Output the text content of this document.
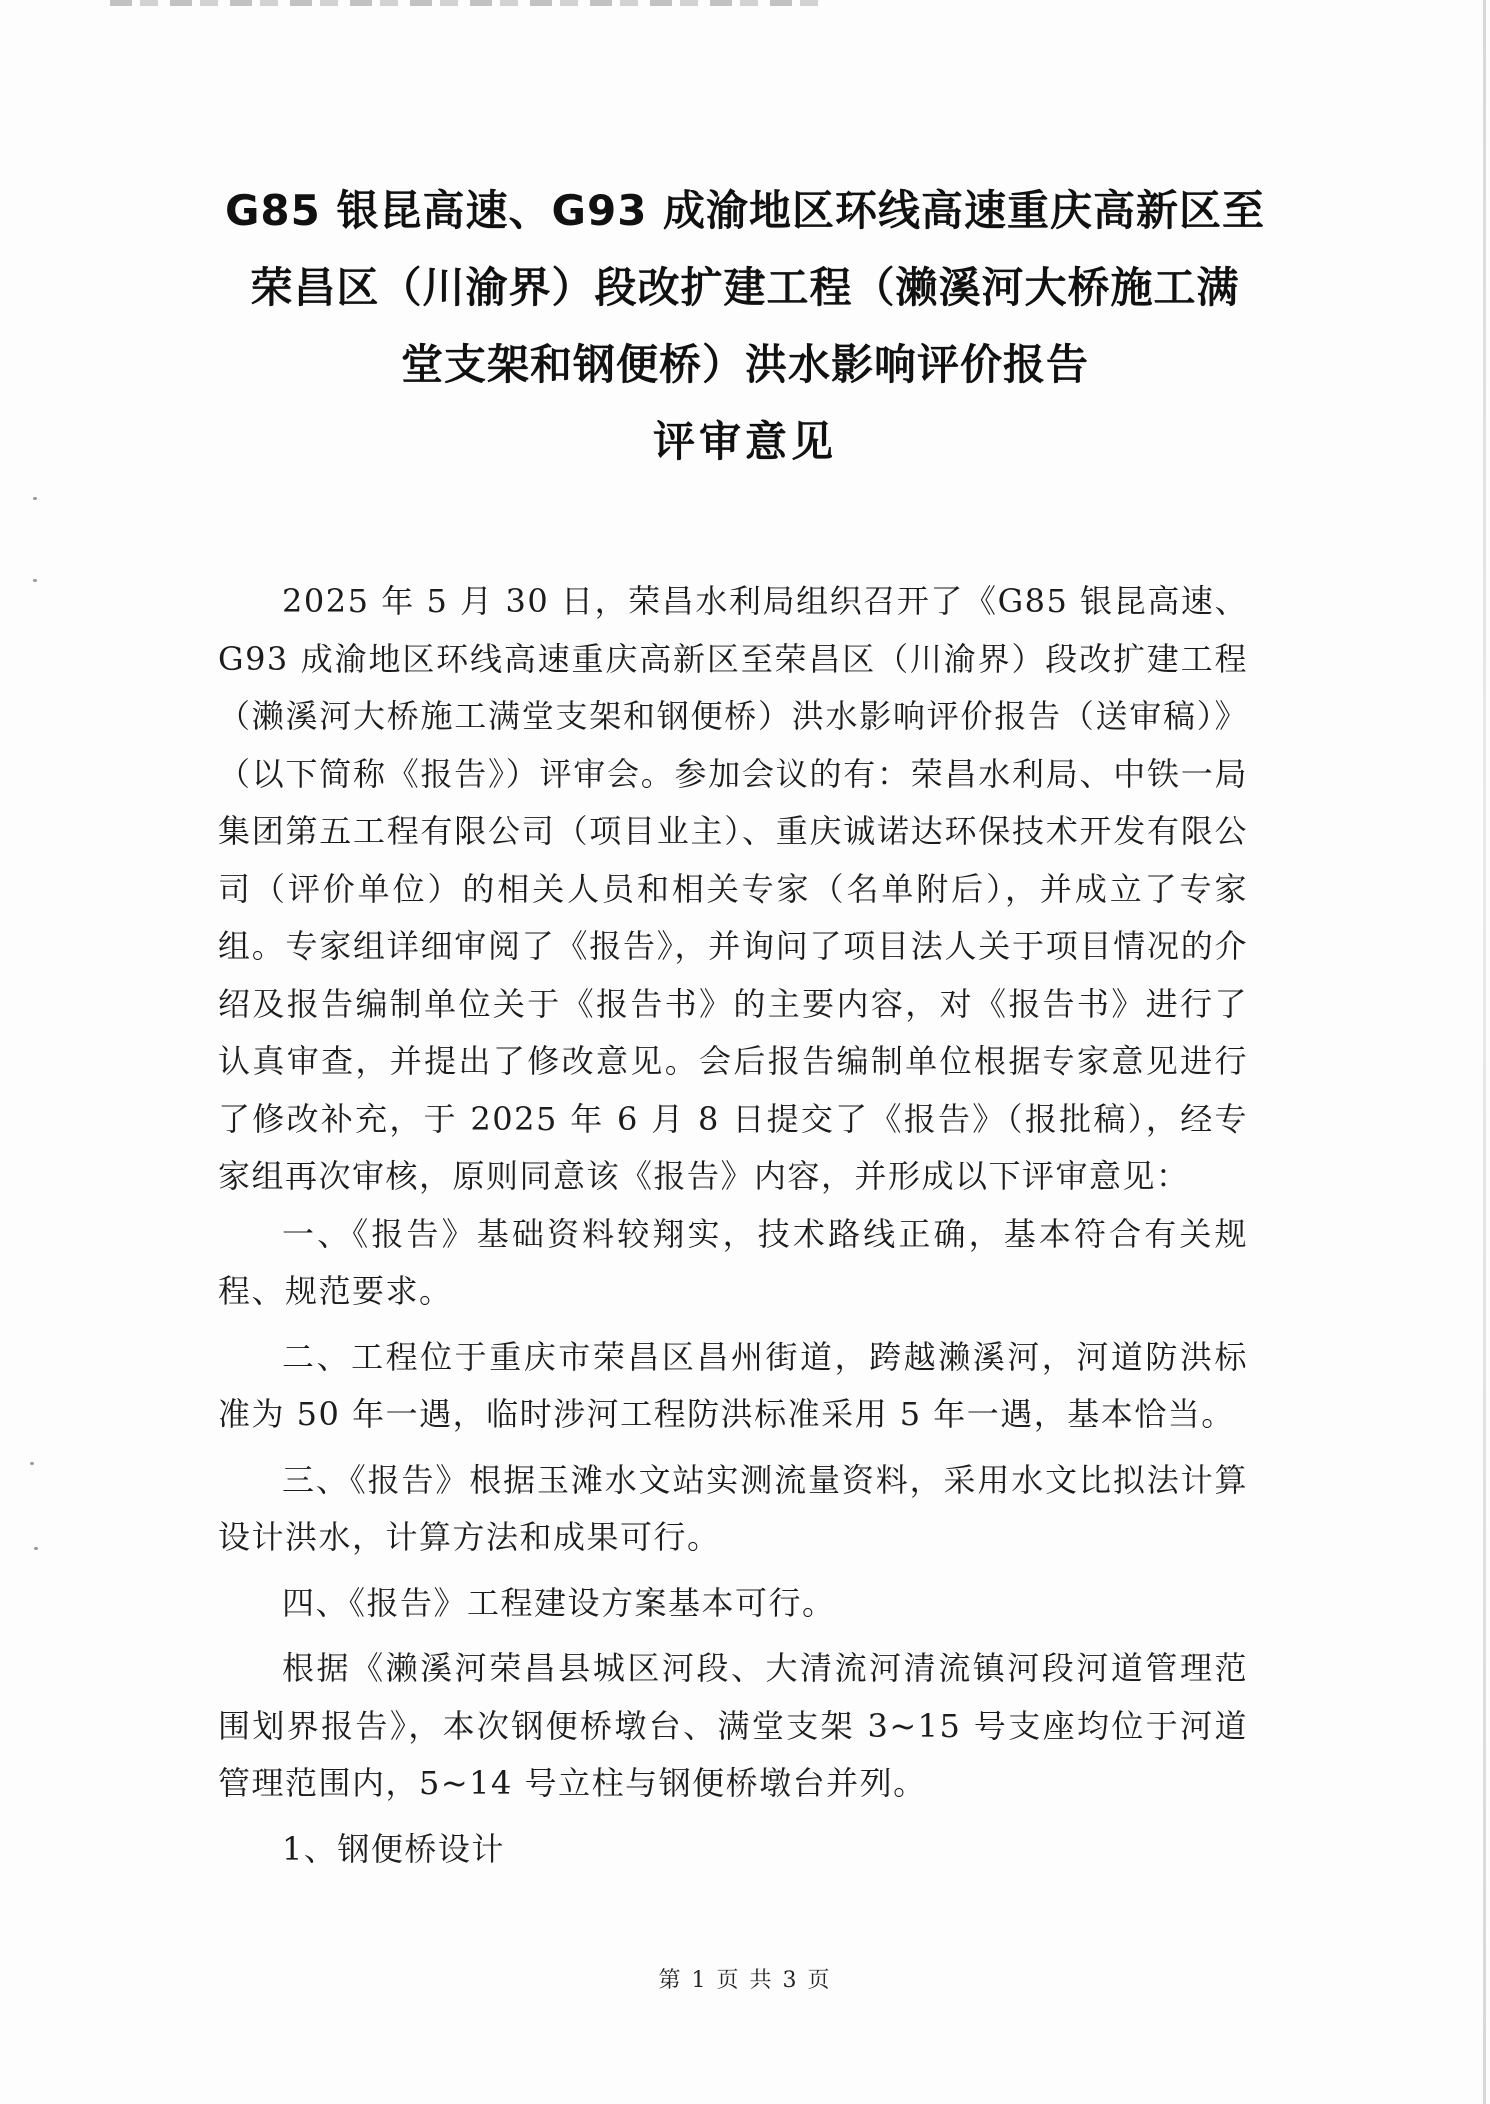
G85 银昆高速、G93 成渝地区环线高速重庆高新区至
荣昌区（川渝界）段改扩建工程（濑溪河大桥施工满
堂支架和钢便桥）洪水影响评价报告
评审意见

2025 年 5 月 30 日，荣昌水利局组织召开了《G85 银昆高速、G93 成渝地区环线高速重庆高新区至荣昌区（川渝界）段改扩建工程（濑溪河大桥施工满堂支架和钢便桥）洪水影响评价报告（送审稿）》（以下简称《报告》）评审会。参加会议的有：荣昌水利局、中铁一局集团第五工程有限公司（项目业主）、重庆诚诺达环保技术开发有限公司（评价单位）的相关人员和相关专家（名单附后），并成立了专家组。专家组详细审阅了《报告》，并询问了项目法人关于项目情况的介绍及报告编制单位关于《报告书》的主要内容，对《报告书》进行了认真审查，并提出了修改意见。会后报告编制单位根据专家意见进行了修改补充，于 2025 年 6 月 8 日提交了《报告》（报批稿），经专家组再次审核，原则同意该《报告》内容，并形成以下评审意见：

一、《报告》基础资料较翔实，技术路线正确，基本符合有关规程、规范要求。

二、工程位于重庆市荣昌区昌州街道，跨越濑溪河，河道防洪标准为 50 年一遇，临时涉河工程防洪标准采用 5 年一遇，基本恰当。

三、《报告》根据玉滩水文站实测流量资料，采用水文比拟法计算设计洪水，计算方法和成果可行。

四、《报告》工程建设方案基本可行。

根据《濑溪河荣昌县城区河段、大清流河清流镇河段河道管理范围划界报告》，本次钢便桥墩台、满堂支架 3~15 号支座均位于河道管理范围内，5~14 号立柱与钢便桥墩台并列。

1、钢便桥设计

第 1 页 共 3 页
